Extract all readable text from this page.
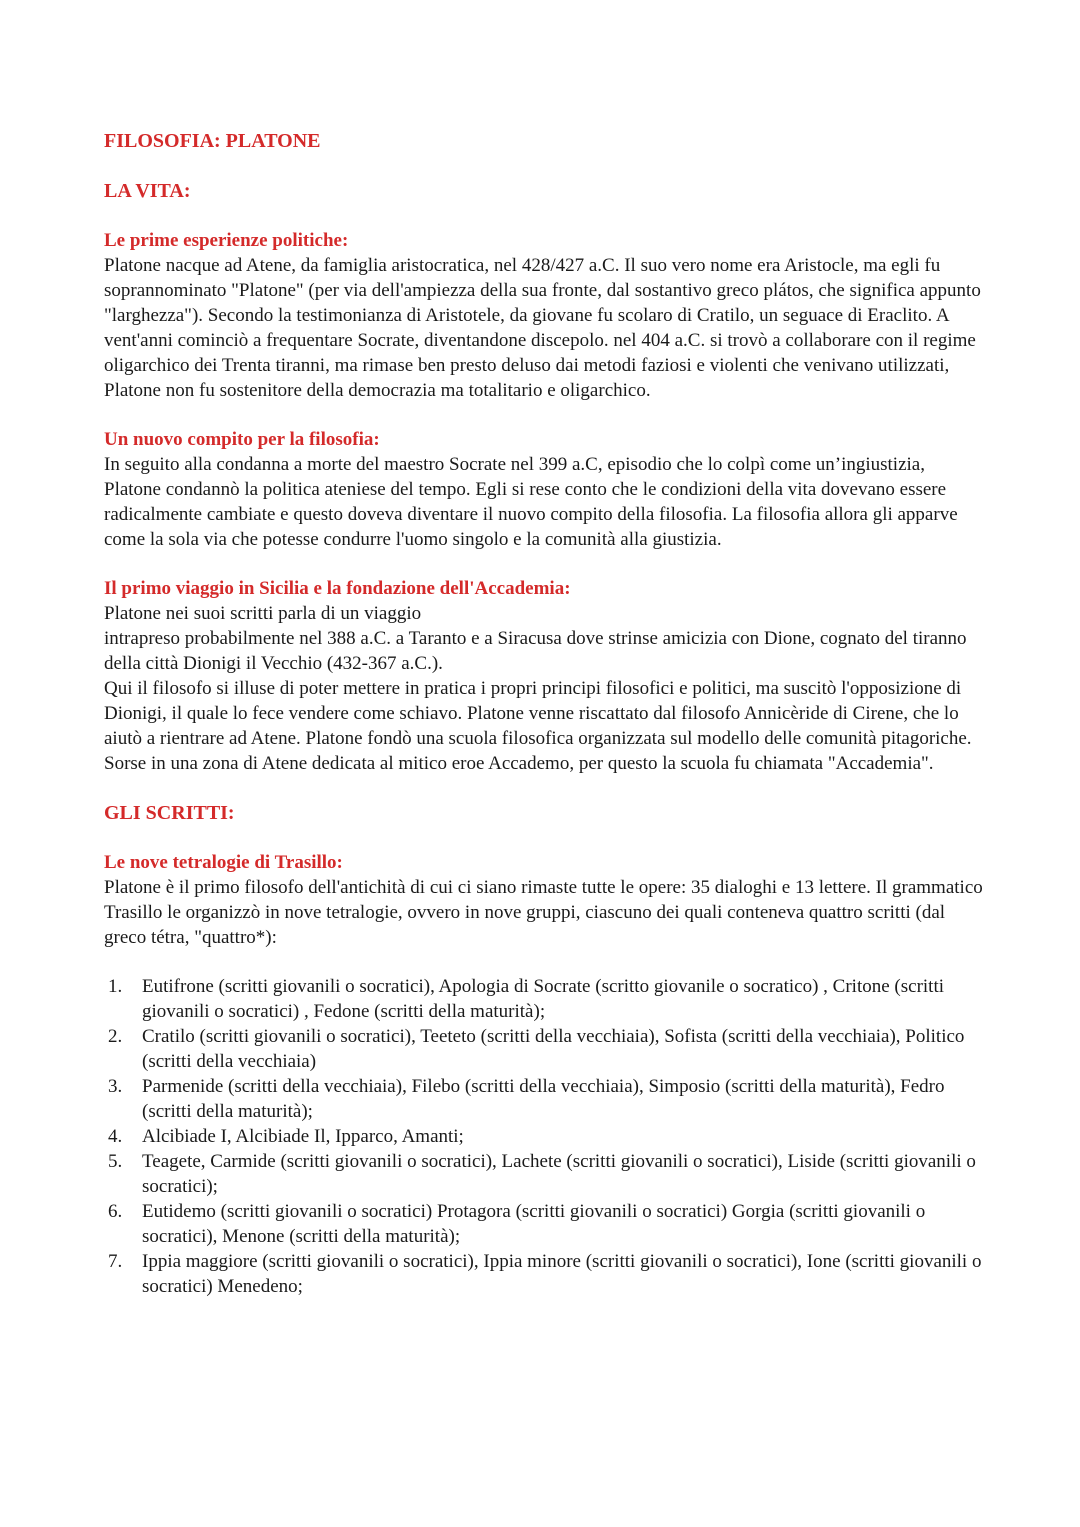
FILOSOFIA: PLATONE

LA VITA:

Le prime esperienze politiche:

Platone nacque ad Atene, da famiglia aristocratica, nel 428/427 a.C. Il suo vero nome era Aristocle, ma egli fu soprannominato "Platone" (per via dell'ampiezza della sua fronte, dal sostantivo greco plátos, che significa appunto "larghezza"). Secondo la testimonianza di Aristotele, da giovane fu scolaro di Cratilo, un seguace di Eraclito. A vent'anni cominciò a frequentare Socrate, diventandone discepolo. nel 404 a.C. si trovò a collaborare con il regime oligarchico dei Trenta tiranni, ma rimase ben presto deluso dai metodi faziosi e violenti che venivano utilizzati, Platone non fu sostenitore della democrazia ma totalitario e oligarchico.

Un nuovo compito per la filosofia:

In seguito alla condanna a morte del maestro Socrate nel 399 a.C, episodio che lo colpì come un’ingiustizia, Platone condannò la politica ateniese del tempo. Egli si rese conto che le condizioni della vita dovevano essere radicalmente cambiate e questo doveva diventare il nuovo compito della filosofia. La filosofia allora gli apparve come la sola via che potesse condurre l'uomo singolo e la comunità alla giustizia.

Il primo viaggio in Sicilia e la fondazione dell'Accademia:

Platone nei suoi scritti parla di un viaggio

intrapreso probabilmente nel 388 a.C. a Taranto e a Siracusa dove strinse amicizia con Dione, cognato del tiranno della città Dionigi il Vecchio (432-367 a.C.).

Qui il filosofo si illuse di poter mettere in pratica i propri principi filosofici e politici, ma suscitò l'opposizione di Dionigi, il quale lo fece vendere come schiavo. Platone venne riscattato dal filosofo Annicèride di Cirene, che lo aiutò a rientrare ad Atene. Platone fondò una scuola filosofica organizzata sul modello delle comunità pitagoriche. Sorse in una zona di Atene dedicata al mitico eroe Accademo, per questo la scuola fu chiamata "Accademia".

GLI SCRITTI:

Le nove tetralogie di Trasillo:

Platone è il primo filosofo dell'antichità di cui ci siano rimaste tutte le opere: 35 dialoghi e 13 lettere. Il grammatico Trasillo le organizzò in nove tetralogie, ovvero in nove gruppi, ciascuno dei quali conteneva quattro scritti (dal greco tétra, "quattro*):

1.	Eutifrone (scritti giovanili o socratici), Apologia di Socrate (scritto giovanile o socratico) , Critone (scritti giovanili o socratici) , Fedone (scritti della maturità);
2.	Cratilo (scritti giovanili o socratici), Teeteto (scritti della vecchiaia), Sofista (scritti della vecchiaia), Politico (scritti della vecchiaia)
3.	Parmenide (scritti della vecchiaia), Filebo (scritti della vecchiaia), Simposio (scritti della maturità), Fedro (scritti della maturità);
4.	Alcibiade I, Alcibiade Il, Ipparco, Amanti;
5.	Teagete, Carmide (scritti giovanili o socratici), Lachete (scritti giovanili o socratici), Liside (scritti giovanili o socratici);
6.	Eutidemo (scritti giovanili o socratici) Protagora (scritti giovanili o socratici) Gorgia (scritti giovanili o socratici), Menone (scritti della maturità);
7.	Ippia maggiore (scritti giovanili o socratici), Ippia minore (scritti giovanili o socratici), Ione (scritti giovanili o socratici) Menedeno;
